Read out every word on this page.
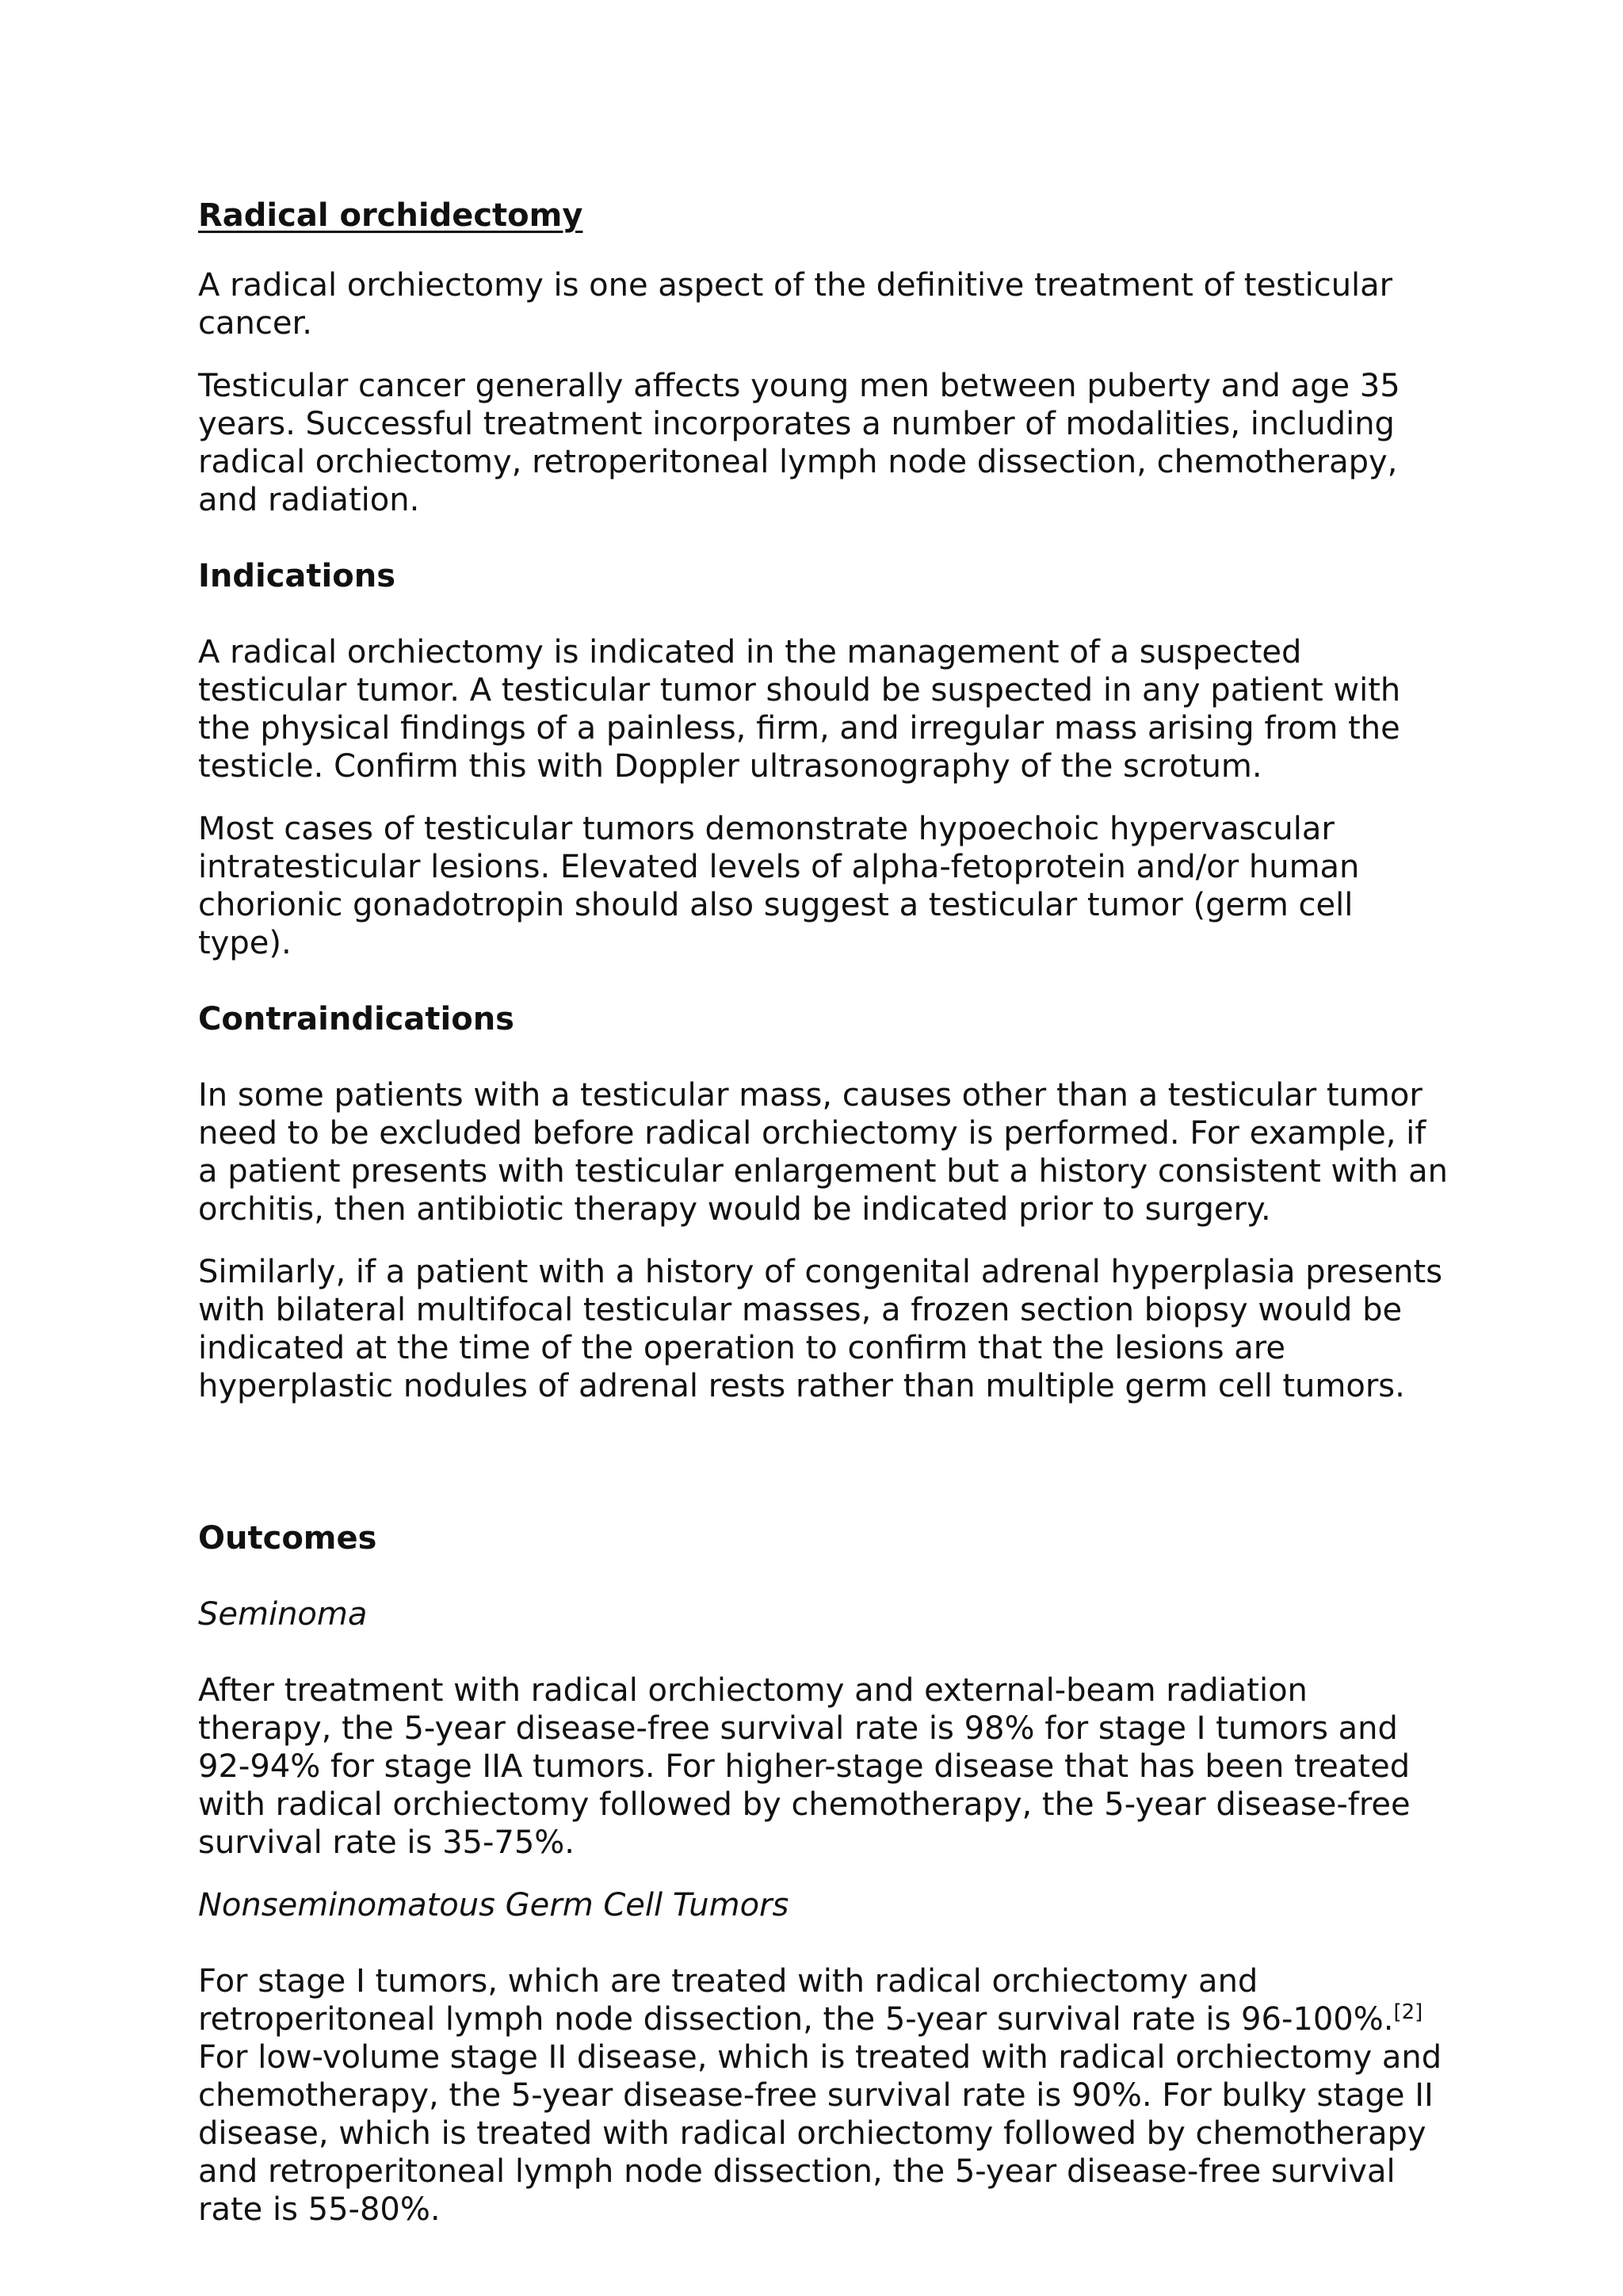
Radical orchidectomy

A radical orchiectomy is one aspect of the definitive treatment of testicular cancer.

Testicular cancer generally affects young men between puberty and age 35 years. Successful treatment incorporates a number of modalities, including radical orchiectomy, retroperitoneal lymph node dissection, chemotherapy, and radiation.

Indications

A radical orchiectomy is indicated in the management of a suspected testicular tumor. A testicular tumor should be suspected in any patient with the physical findings of a painless, firm, and irregular mass arising from the testicle. Confirm this with Doppler ultrasonography of the scrotum.

Most cases of testicular tumors demonstrate hypoechoic hypervascular intratesticular lesions. Elevated levels of alpha-fetoprotein and/or human chorionic gonadotropin should also suggest a testicular tumor (germ cell type).

Contraindications

In some patients with a testicular mass, causes other than a testicular tumor need to be excluded before radical orchiectomy is performed. For example, if a patient presents with testicular enlargement but a history consistent with an orchitis, then antibiotic therapy would be indicated prior to surgery.

Similarly, if a patient with a history of congenital adrenal hyperplasia presents with bilateral multifocal testicular masses, a frozen section biopsy would be indicated at the time of the operation to confirm that the lesions are hyperplastic nodules of adrenal rests rather than multiple germ cell tumors.

Outcomes
Seminoma

After treatment with radical orchiectomy and external-beam radiation therapy, the 5-year disease-free survival rate is 98% for stage I tumors and 92-94% for stage IIA tumors. For higher-stage disease that has been treated with radical orchiectomy followed by chemotherapy, the 5-year disease-free survival rate is 35-75%.

Nonseminomatous Germ Cell Tumors

For stage I tumors, which are treated with radical orchiectomy and retroperitoneal lymph node dissection, the 5-year survival rate is 96-100%.[2] For low-volume stage II disease, which is treated with radical orchiectomy and chemotherapy, the 5-year disease-free survival rate is 90%. For bulky stage II disease, which is treated with radical orchiectomy followed by chemotherapy and retroperitoneal lymph node dissection, the 5-year disease-free survival rate is 55-80%.
